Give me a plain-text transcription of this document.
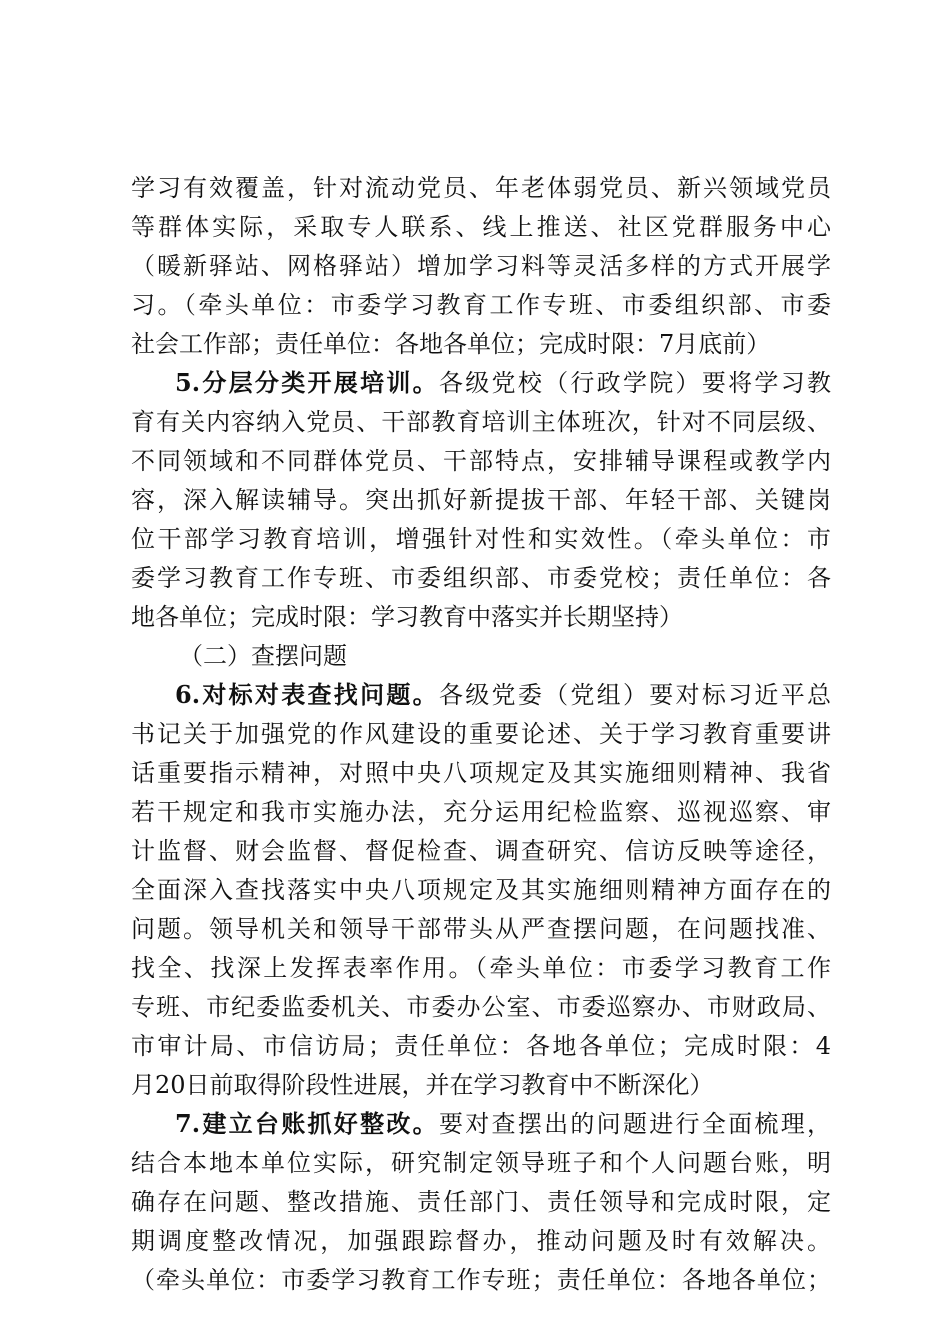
学习有效覆盖，针对流动党员、年老体弱党员、新兴领域党员
等群体实际，采取专人联系、线上推送、社区党群服务中心
（暖新驿站、网格驿站）增加学习料等灵活多样的方式开展学
习。（牵头单位：市委学习教育工作专班、市委组织部、市委
社会工作部；责任单位：各地各单位；完成时限：7月底前）
5.分层分类开展培训。各级党校（行政学院）要将学习教
育有关内容纳入党员、干部教育培训主体班次，针对不同层级、
不同领域和不同群体党员、干部特点，安排辅导课程或教学内
容，深入解读辅导。突出抓好新提拔干部、年轻干部、关键岗
位干部学习教育培训，增强针对性和实效性。（牵头单位：市
委学习教育工作专班、市委组织部、市委党校；责任单位：各
地各单位；完成时限：学习教育中落实并长期坚持）
（二）查摆问题
6.对标对表查找问题。各级党委（党组）要对标习近平总
书记关于加强党的作风建设的重要论述、关于学习教育重要讲
话重要指示精神，对照中央八项规定及其实施细则精神、我省
若干规定和我市实施办法，充分运用纪检监察、巡视巡察、审
计监督、财会监督、督促检查、调查研究、信访反映等途径，
全面深入查找落实中央八项规定及其实施细则精神方面存在的
问题。领导机关和领导干部带头从严查摆问题，在问题找准、
找全、找深上发挥表率作用。（牵头单位：市委学习教育工作
专班、市纪委监委机关、市委办公室、市委巡察办、市财政局、
市审计局、市信访局；责任单位：各地各单位；完成时限：4
月20日前取得阶段性进展，并在学习教育中不断深化）
7.建立台账抓好整改。要对查摆出的问题进行全面梳理，
结合本地本单位实际，研究制定领导班子和个人问题台账，明
确存在问题、整改措施、责任部门、责任领导和完成时限，定
期调度整改情况，加强跟踪督办，推动问题及时有效解决。
（牵头单位：市委学习教育工作专班；责任单位：各地各单位；
